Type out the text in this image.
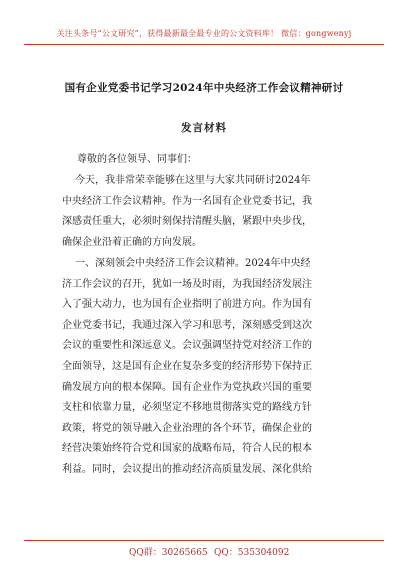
关注头条号“公文研究”，获得最新最全最专业的公文资料库！ 微信：gongwenyj
国有企业党委书记学习2024年中央经济工作会议精神研讨
发言材料
尊敬的各位领导、同事们：
今天，我非常荣幸能够在这里与大家共同研讨2024年
中央经济工作会议精神。作为一名国有企业党委书记，我
深感责任重大，必须时刻保持清醒头脑，紧跟中央步伐，
确保企业沿着正确的方向发展。
一、深刻领会中央经济工作会议精神。2024年中央经
济工作会议的召开，犹如一场及时雨，为我国经济发展注
入了强大动力，也为国有企业指明了前进方向。作为国有
企业党委书记，我通过深入学习和思考，深刻感受到这次
会议的重要性和深远意义。会议强调坚持党对经济工作的
全面领导，这是国有企业在复杂多变的经济形势下保持正
确发展方向的根本保障。国有企业作为党执政兴国的重要
支柱和依靠力量，必须坚定不移地贯彻落实党的路线方针
政策，将党的领导融入企业治理的各个环节，确保企业的
经营决策始终符合党和国家的战略布局，符合人民的根本
利益。同时，会议提出的推动经济高质量发展、深化供给
QQ群：30265665 QQ：535304092
